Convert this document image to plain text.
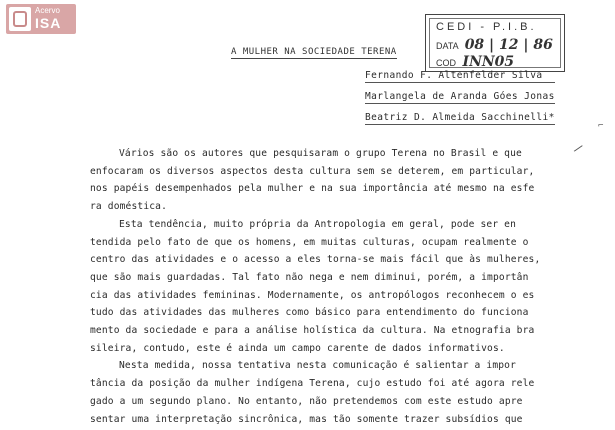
Acervo
ISA	CEDI - P.I.B.
DATA 08 | 12 | 86
COD INN05
A MULHER NA SOCIEDADE TERENA
Fernando F. Altenfelder Silva
Marlangela de Aranda Góes Jonas
Beatriz D. Almeida Sacchinelli*
⌐
/
Vários são os autores que pesquisaram o grupo Terena no Brasil e que
enfocaram os diversos aspectos desta cultura sem se deterem, em particular,
nos papéis desempenhados pela mulher e na sua importância até mesmo na esfe
ra doméstica.
Esta tendência, muito própria da Antropologia em geral, pode ser en
tendida pelo fato de que os homens, em muitas culturas, ocupam realmente o
centro das atividades e o acesso a eles torna-se mais fácil que às mulheres,
que são mais guardadas. Tal fato não nega e nem diminui, porém, a importân
cia das atividades femininas. Modernamente, os antropólogos reconhecem o es
tudo das atividades das mulheres como básico para entendimento do funciona
mento da sociedade e para a análise holística da cultura. Na etnografia bra
sileira, contudo, este é ainda um campo carente de dados informativos.
Nesta medida, nossa tentativa nesta comunicação é salientar a impor
tância da posição da mulher indígena Terena, cujo estudo foi até agora rele
gado a um segundo plano. No entanto, não pretendemos com este estudo apre
sentar uma interpretação sincrônica, mas tão somente trazer subsídios que
